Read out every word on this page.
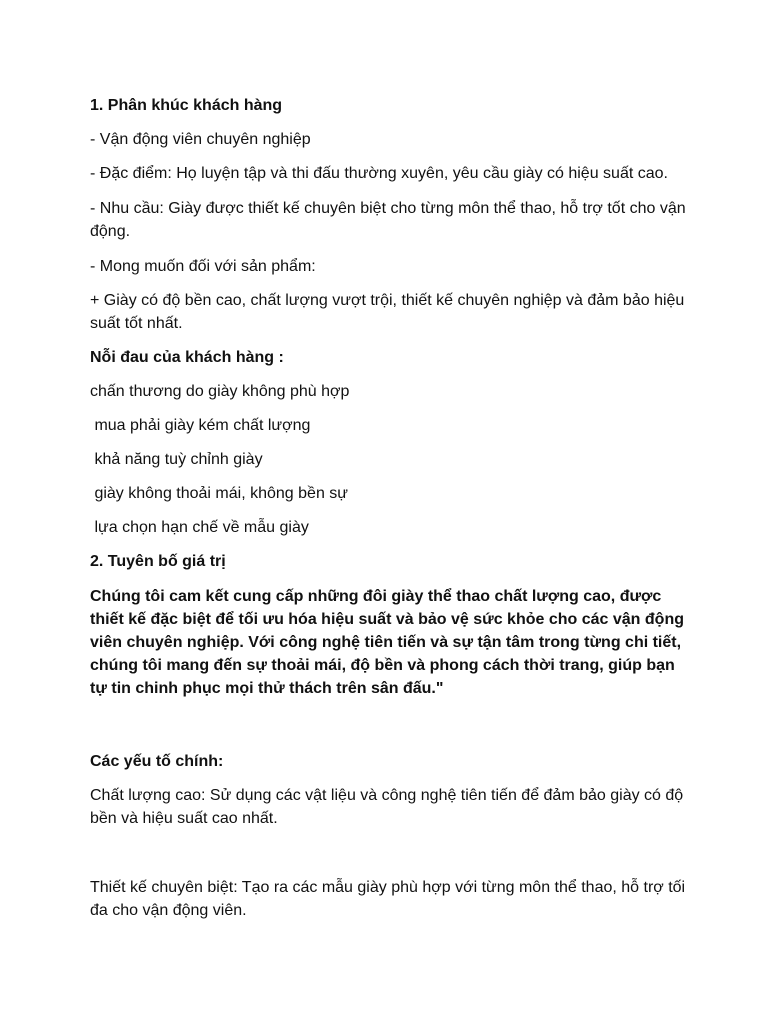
1. Phân khúc khách hàng

- Vận động viên chuyên nghiệp

- Đặc điểm: Họ luyện tập và thi đấu thường xuyên, yêu cầu giày có hiệu suất cao.

- Nhu cầu: Giày được thiết kế chuyên biệt cho từng môn thể thao, hỗ trợ tốt cho vận động.

- Mong muốn đối với sản phẩm:

+ Giày có độ bền cao, chất lượng vượt trội, thiết kế chuyên nghiệp và đảm bảo hiệu suất tốt nhất.

Nỗi đau của khách hàng :

chấn thương do giày không phù hợp

mua phải giày kém chất lượng

khả năng tuỳ chỉnh giày

giày không thoải mái, không bền sự

lựa chọn hạn chế về mẫu giày

2. Tuyên bố giá trị

Chúng tôi cam kết cung cấp những đôi giày thể thao chất lượng cao, được thiết kế đặc biệt để tối ưu hóa hiệu suất và bảo vệ sức khỏe cho các vận động viên chuyên nghiệp. Với công nghệ tiên tiến và sự tận tâm trong từng chi tiết, chúng tôi mang đến sự thoải mái, độ bền và phong cách thời trang, giúp bạn tự tin chinh phục mọi thử thách trên sân đấu."

Các yếu tố chính:

Chất lượng cao: Sử dụng các vật liệu và công nghệ tiên tiến để đảm bảo giày có độ bền và hiệu suất cao nhất.

Thiết kế chuyên biệt: Tạo ra các mẫu giày phù hợp với từng môn thể thao, hỗ trợ tối đa cho vận động viên.
